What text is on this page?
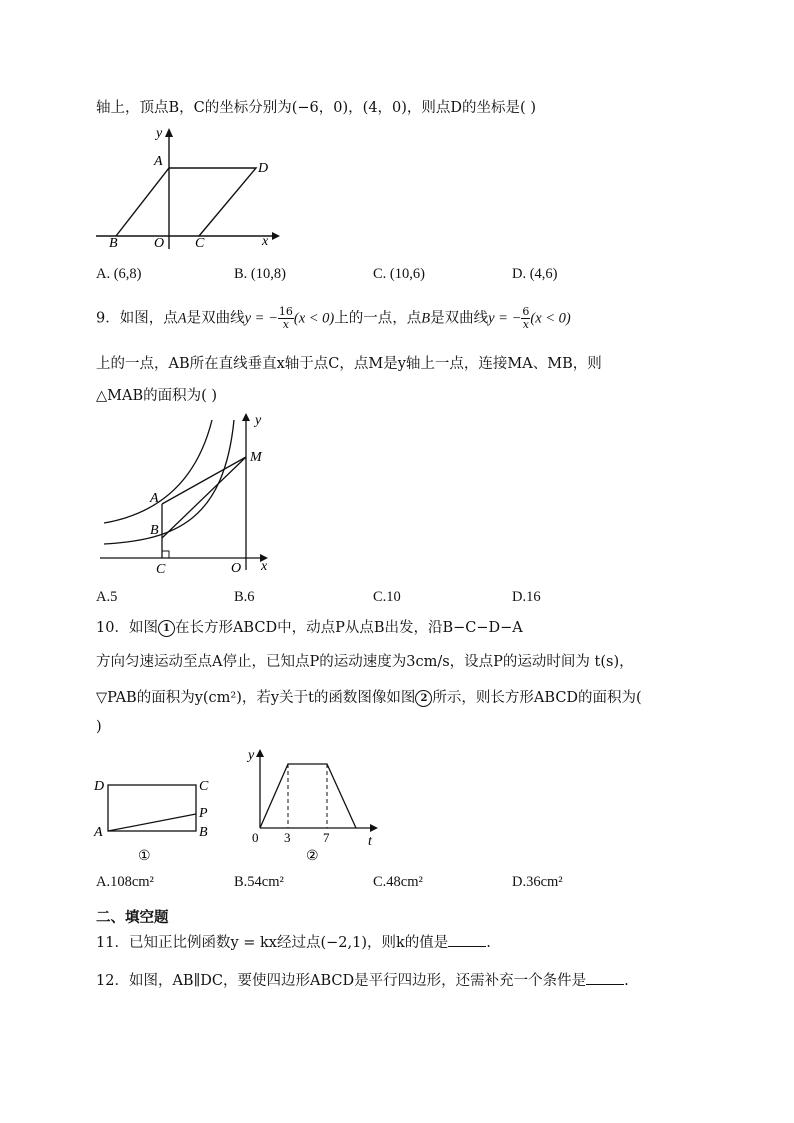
轴上，顶点B，C的坐标分别为(−6，0)，(4，0)，则点D的坐标是( )
y
A	D
B	O C	x
A. (6,8)	B. (10,8)	C. (10,6)	D. (4,6)
9．如图，点A是双曲线y = − $\frac{16}{x} (x < 0)$上的一点，点B是双曲线y = − $\frac{6}{x} (x < 0)$
上的一点，AB所在直线垂直x轴于点C，点M是y轴上一点，连接MA、MB，则
△MAB的面积为( )
y
M
A
B
C	O x
A.5	B.6	C.10	D.16
10．如图 1 在长方形ABCD中，动点P从点B出发，沿B−C−D−A
方向匀速运动至点A停止，已知点P的运动速度为3cm/s，设点P的运动时间为 t(s)，
▽PAB的面积为y(cm²)，若y关于t的函数图像如图 2 所示，则长方形ABCD的面积为(
)
D	C
P
A	B
①
y
0 3	7	t
②
A.108cm²	B.54cm²	C.48cm²	D.36cm²
二、填空题
11．已知正比例函数y = kx经过点(−2,1)，则k的值是	.
12．如图，AB∥DC，要使四边形ABCD是平行四边形，还需补充一个条件是	.
